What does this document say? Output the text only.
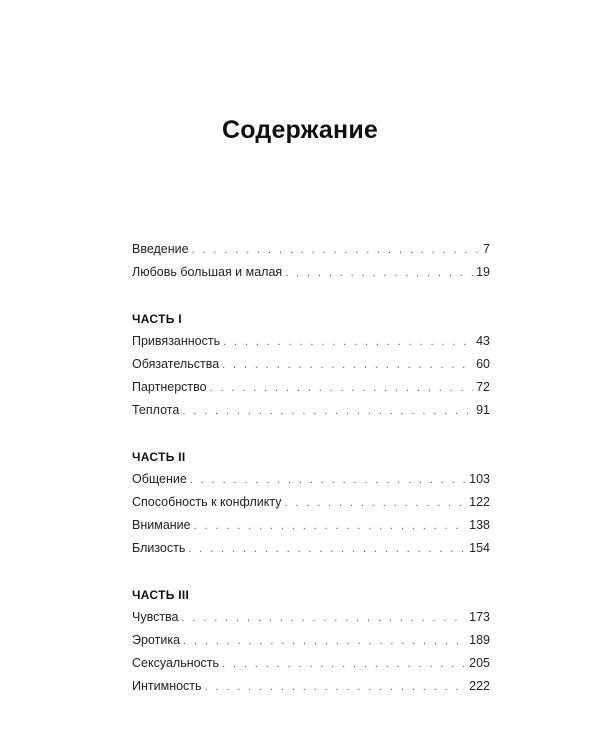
Содержание
Введение . . .	7
Любовь большая и малая . . .	19
ЧАСТЬ I
Привязанность . . .	43
Обязательства . . .	60
Партнерство . . .	72
Теплота . . .	91
ЧАСТЬ II
Общение . . .	103
Способность к конфликту . . .	122
Внимание . . .	138
Близость . . .	154
ЧАСТЬ III
Чувства . . .	173
Эротика . . .	189
Сексуальность . . .	205
Интимность . . .	222
